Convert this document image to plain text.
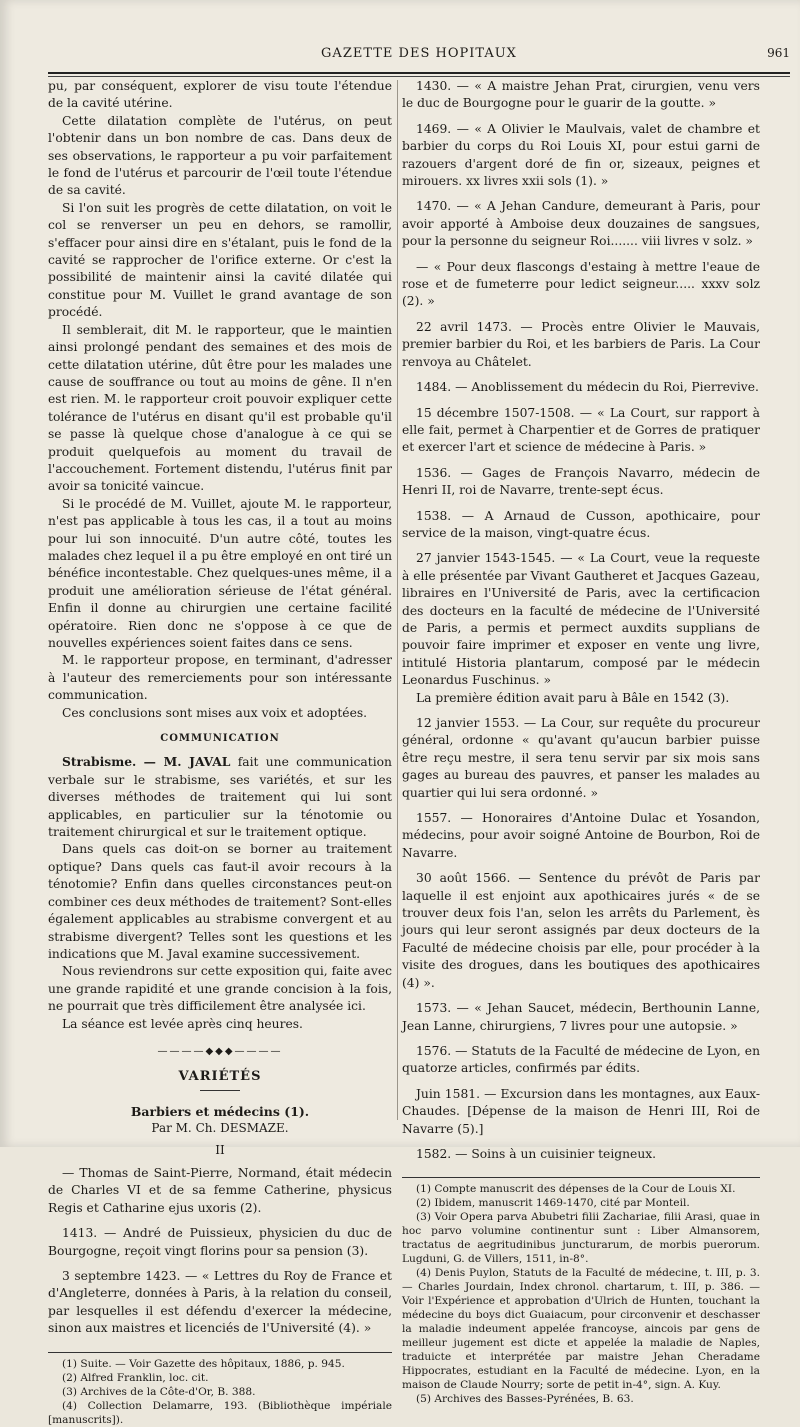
GAZETTE DES HOPITAUX	961

pu, par conséquent, explorer de visu toute l'étendue de la cavité utérine.

Cette dilatation complète de l'utérus, on peut l'obtenir dans un bon nombre de cas. Dans deux de ses observations, le rapporteur a pu voir parfaitement le fond de l'utérus et parcourir de l'œil toute l'étendue de sa cavité.

Si l'on suit les progrès de cette dilatation, on voit le col se renverser un peu en dehors, se ramollir, s'effacer pour ainsi dire en s'étalant, puis le fond de la cavité se rapprocher de l'orifice externe. Or c'est la possibilité de maintenir ainsi la cavité dilatée qui constitue pour M. Vuillet le grand avantage de son procédé.

Il semblerait, dit M. le rapporteur, que le maintien ainsi prolongé pendant des semaines et des mois de cette dilatation utérine, dût être pour les malades une cause de souffrance ou tout au moins de gêne. Il n'en est rien. M. le rapporteur croit pouvoir expliquer cette tolérance de l'utérus en disant qu'il est probable qu'il se passe là quelque chose d'analogue à ce qui se produit quelquefois au moment du travail de l'accouchement. Fortement distendu, l'utérus finit par avoir sa tonicité vaincue.

Si le procédé de M. Vuillet, ajoute M. le rapporteur, n'est pas applicable à tous les cas, il a tout au moins pour lui son innocuité. D'un autre côté, toutes les malades chez lequel il a pu être employé en ont tiré un bénéfice incontestable. Chez quelques-unes même, il a produit une amélioration sérieuse de l'état général. Enfin il donne au chirurgien une certaine facilité opératoire. Rien donc ne s'oppose à ce que de nouvelles expériences soient faites dans ce sens.

M. le rapporteur propose, en terminant, d'adresser à l'auteur des remerciements pour son intéressante communication.

Ces conclusions sont mises aux voix et adoptées.

COMMUNICATION

Strabisme. — M. JAVAL fait une communication verbale sur le strabisme, ses variétés, et sur les diverses méthodes de traitement qui lui sont applicables, en particulier sur la ténotomie ou traitement chirurgical et sur le traitement optique.

Dans quels cas doit-on se borner au traitement optique? Dans quels cas faut-il avoir recours à la ténotomie? Enfin dans quelles circonstances peut-on combiner ces deux méthodes de traitement? Sont-elles également applicables au strabisme convergent et au strabisme divergent? Telles sont les questions et les indications que M. Javal examine successivement.

Nous reviendrons sur cette exposition qui, faite avec une grande rapidité et une grande concision à la fois, ne pourrait que très difficilement être analysée ici.

La séance est levée après cinq heures.

————◆◆◆————
VARIÉTÉS
Barbiers et médecins (1).
Par M. Ch. DESMAZE.
II

— Thomas de Saint-Pierre, Normand, était médecin de Charles VI et de sa femme Catherine, physicus Regis et Catharine ejus uxoris (2).

1413. — André de Puissieux, physicien du duc de Bourgogne, reçoit vingt florins pour sa pension (3).

3 septembre 1423. — « Lettres du Roy de France et d'Angleterre, données à Paris, à la relation du conseil, par lesquelles il est défendu d'exercer la médecine, sinon aux maistres et licenciés de l'Université (4). »

(1) Suite. — Voir Gazette des hôpitaux, 1886, p. 945.

(2) Alfred Franklin, loc. cit.

(3) Archives de la Côte-d'Or, B. 388.

(4) Collection Delamarre, 193. (Bibliothèque impériale [manuscrits]).

1430. — « A maistre Jehan Prat, cirurgien, venu vers le duc de Bourgogne pour le guarir de la goutte. »

1469. — « A Olivier le Maulvais, valet de chambre et barbier du corps du Roi Louis XI, pour estui garni de razouers d'argent doré de fin or, sizeaux, peignes et mirouers. xx livres xxii sols (1). »

1470. — « A Jehan Candure, demeurant à Paris, pour avoir apporté à Amboise deux douzaines de sangsues, pour la personne du seigneur Roi....... viii livres v solz. »

— « Pour deux flascongs d'estaing à mettre l'eaue de rose et de fumeterre pour ledict seigneur..... xxxv solz (2). »

22 avril 1473. — Procès entre Olivier le Mauvais, premier barbier du Roi, et les barbiers de Paris. La Cour renvoya au Châtelet.

1484. — Anoblissement du médecin du Roi, Pierrevive.

15 décembre 1507-1508. — « La Court, sur rapport à elle fait, permet à Charpentier et de Gorres de pratiquer et exercer l'art et science de médecine à Paris. »

1536. — Gages de François Navarro, médecin de Henri II, roi de Navarre, trente-sept écus.

1538. — A Arnaud de Cusson, apothicaire, pour service de la maison, vingt-quatre écus.

27 janvier 1543-1545. — « La Court, veue la requeste à elle présentée par Vivant Gautheret et Jacques Gazeau, libraires en l'Université de Paris, avec la certificacion des docteurs en la faculté de médecine de l'Université de Paris, a permis et permect auxdits supplians de pouvoir faire imprimer et exposer en vente ung livre, intitulé Historia plantarum, composé par le médecin Leonardus Fuschinus. »

La première édition avait paru à Bâle en 1542 (3).

12 janvier 1553. — La Cour, sur requête du procureur général, ordonne « qu'avant qu'aucun barbier puisse être reçu mestre, il sera tenu servir par six mois sans gages au bureau des pauvres, et panser les malades au quartier qui lui sera ordonné. »

1557. — Honoraires d'Antoine Dulac et Yosandon, médecins, pour avoir soigné Antoine de Bourbon, Roi de Navarre.

30 août 1566. — Sentence du prévôt de Paris par laquelle il est enjoint aux apothicaires jurés « de se trouver deux fois l'an, selon les arrêts du Parlement, ès jours qui leur seront assignés par deux docteurs de la Faculté de médecine choisis par elle, pour procéder à la visite des drogues, dans les boutiques des apothicaires (4) ».

1573. — « Jehan Saucet, médecin, Berthounin Lanne, Jean Lanne, chirurgiens, 7 livres pour une autopsie. »

1576. — Statuts de la Faculté de médecine de Lyon, en quatorze articles, confirmés par édits.

Juin 1581. — Excursion dans les montagnes, aux Eaux-Chaudes. [Dépense de la maison de Henri III, Roi de Navarre (5).]

1582. — Soins à un cuisinier teigneux.

(1) Compte manuscrit des dépenses de la Cour de Louis XI.

(2) Ibidem, manuscrit 1469-1470, cité par Monteil.

(3) Voir Opera parva Abubetri filii Zachariae, filii Arasi, quae in hoc parvo volumine continentur sunt : Liber Almansorem, tractatus de aegritudinibus juncturarum, de morbis puerorum. Lugduni, G. de Villers, 1511, in-8°.

(4) Denis Puylon, Statuts de la Faculté de médecine, t. III, p. 3. — Charles Jourdain, Index chronol. chartarum, t. III, p. 386. — Voir l'Expérience et approbation d'Ulrich de Hunten, touchant la médecine du boys dict Guaiacum, pour circonvenir et deschasser la maladie indeument appelée francoyse, aincois par gens de meilleur jugement est dicte et appelée la maladie de Naples, traduicte et interprétée par maistre Jehan Cheradame Hippocrates, estudiant en la Faculté de médecine. Lyon, en la maison de Claude Nourry; sorte de petit in-4°, sign. A. Kuy.

(5) Archives des Basses-Pyrénées, B. 63.
